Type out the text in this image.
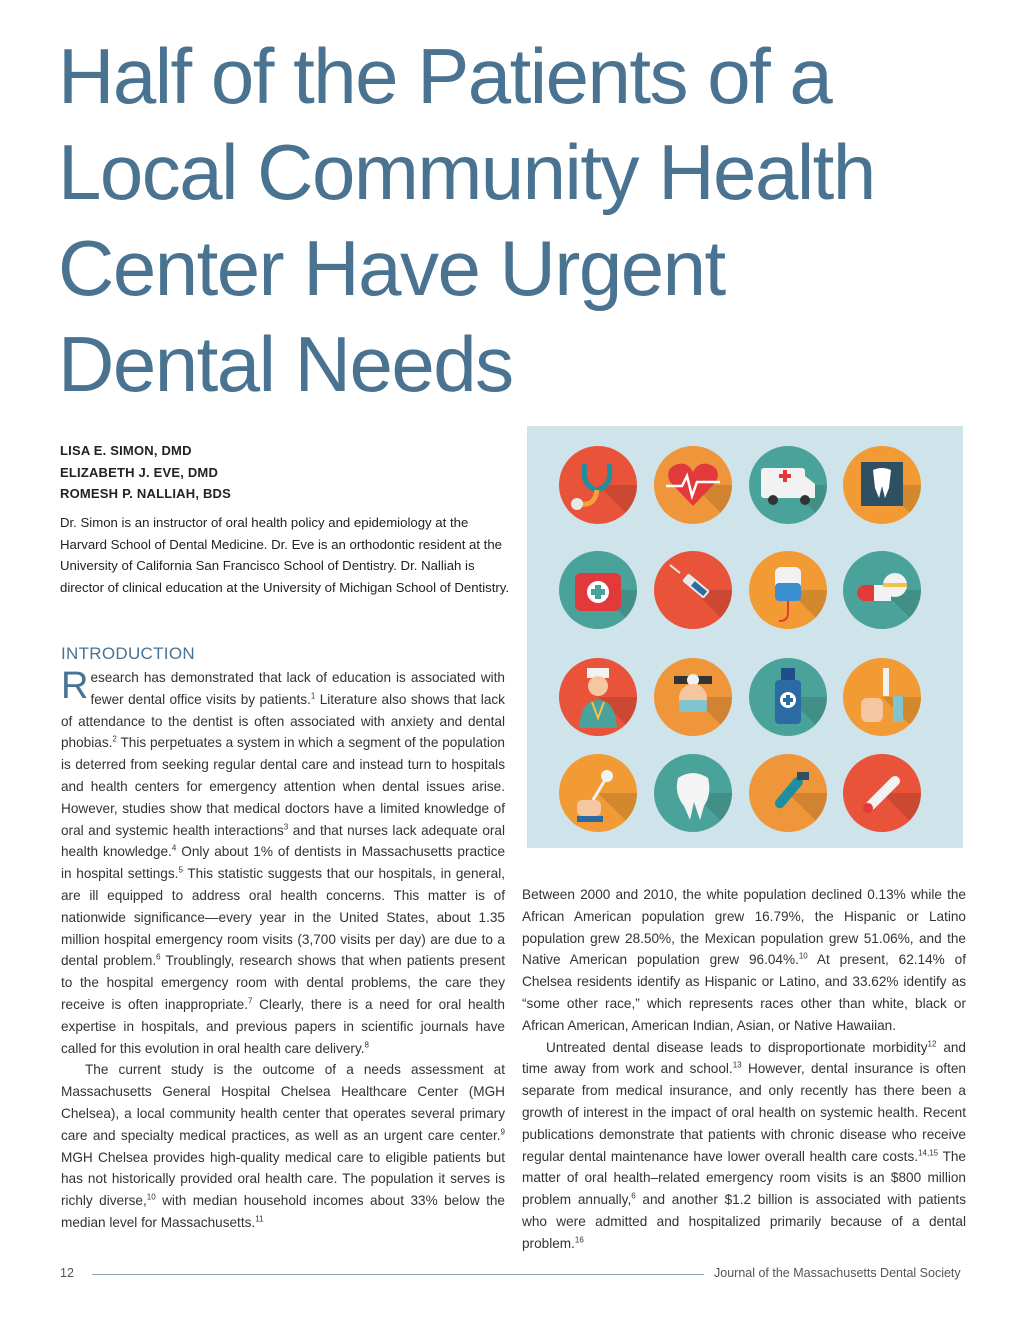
Half of the Patients of a Local Community Health Center Have Urgent Dental Needs
LISA E. SIMON, DMD
ELIZABETH J. EVE, DMD
ROMESH P. NALLIAH, BDS

Dr. Simon is an instructor of oral health policy and epidemiology at the Harvard School of Dental Medicine. Dr. Eve is an orthodontic resident at the University of California San Francisco School of Dentistry. Dr. Nalliah is director of clinical education at the University of Michigan School of Dentistry.

INTRODUCTION

Research has demonstrated that lack of education is associated with fewer dental office visits by patients.$^1$ Literature also shows that lack of attendance to the dentist is often associated with anxiety and dental phobias.$^2$ This perpetuates a system in which a segment of the population is deterred from seeking regular dental care and instead turn to hospitals and health centers for emergency attention when dental issues arise. However, studies show that medical doctors have a limited knowledge of oral and systemic health interactions$^3$ and that nurses lack adequate oral health knowledge.$^4$ Only about 1% of dentists in Massachusetts practice in hospital settings.$^5$ This statistic suggests that our hospitals, in general, are ill equipped to address oral health concerns. This matter is of nationwide significance—every year in the United States, about 1.35 million hospital emergency room visits (3,700 visits per day) are due to a dental problem.$^6$ Troublingly, research shows that when patients present to the hospital emergency room with dental problems, the care they receive is often inappropriate.$^7$ Clearly, there is a need for oral health expertise in hospitals, and previous papers in scientific journals have called for this evolution in oral health care delivery.$^8$

The current study is the outcome of a needs assessment at Massachusetts General Hospital Chelsea Healthcare Center (MGH Chelsea), a local community health center that operates several primary care and specialty medical practices, as well as an urgent care center.$^9$ MGH Chelsea provides high-quality medical care to eligible patients but has not historically provided oral health care. The population it serves is richly diverse,$^{10}$ with median household incomes about 33% below the median level for Massachusetts.$^{11}$

Between 2000 and 2010, the white population declined 0.13% while the African American population grew 16.79%, the Hispanic or Latino population grew 28.50%, the Mexican population grew 51.06%, and the Native American population grew 96.04%.$^{10}$ At present, 62.14% of Chelsea residents identify as Hispanic or Latino, and 33.62% identify as “some other race,” which represents races other than white, black or African American, American Indian, Asian, or Native Hawaiian.

Untreated dental disease leads to disproportionate morbidity$^{12}$ and time away from work and school.$^{13}$ However, dental insurance is often separate from medical insurance, and only recently has there been a growth of interest in the impact of oral health on systemic health. Recent publications demonstrate that patients with chronic disease who receive regular dental maintenance have lower overall health care costs.$^{14,15}$ The matter of oral health–related emergency room visits is an $800 million problem annually,$^6$ and another $1.2 billion is associated with patients who were admitted and hospitalized primarily because of a dental problem.$^{16}$

12	Journal of the Massachusetts Dental Society
